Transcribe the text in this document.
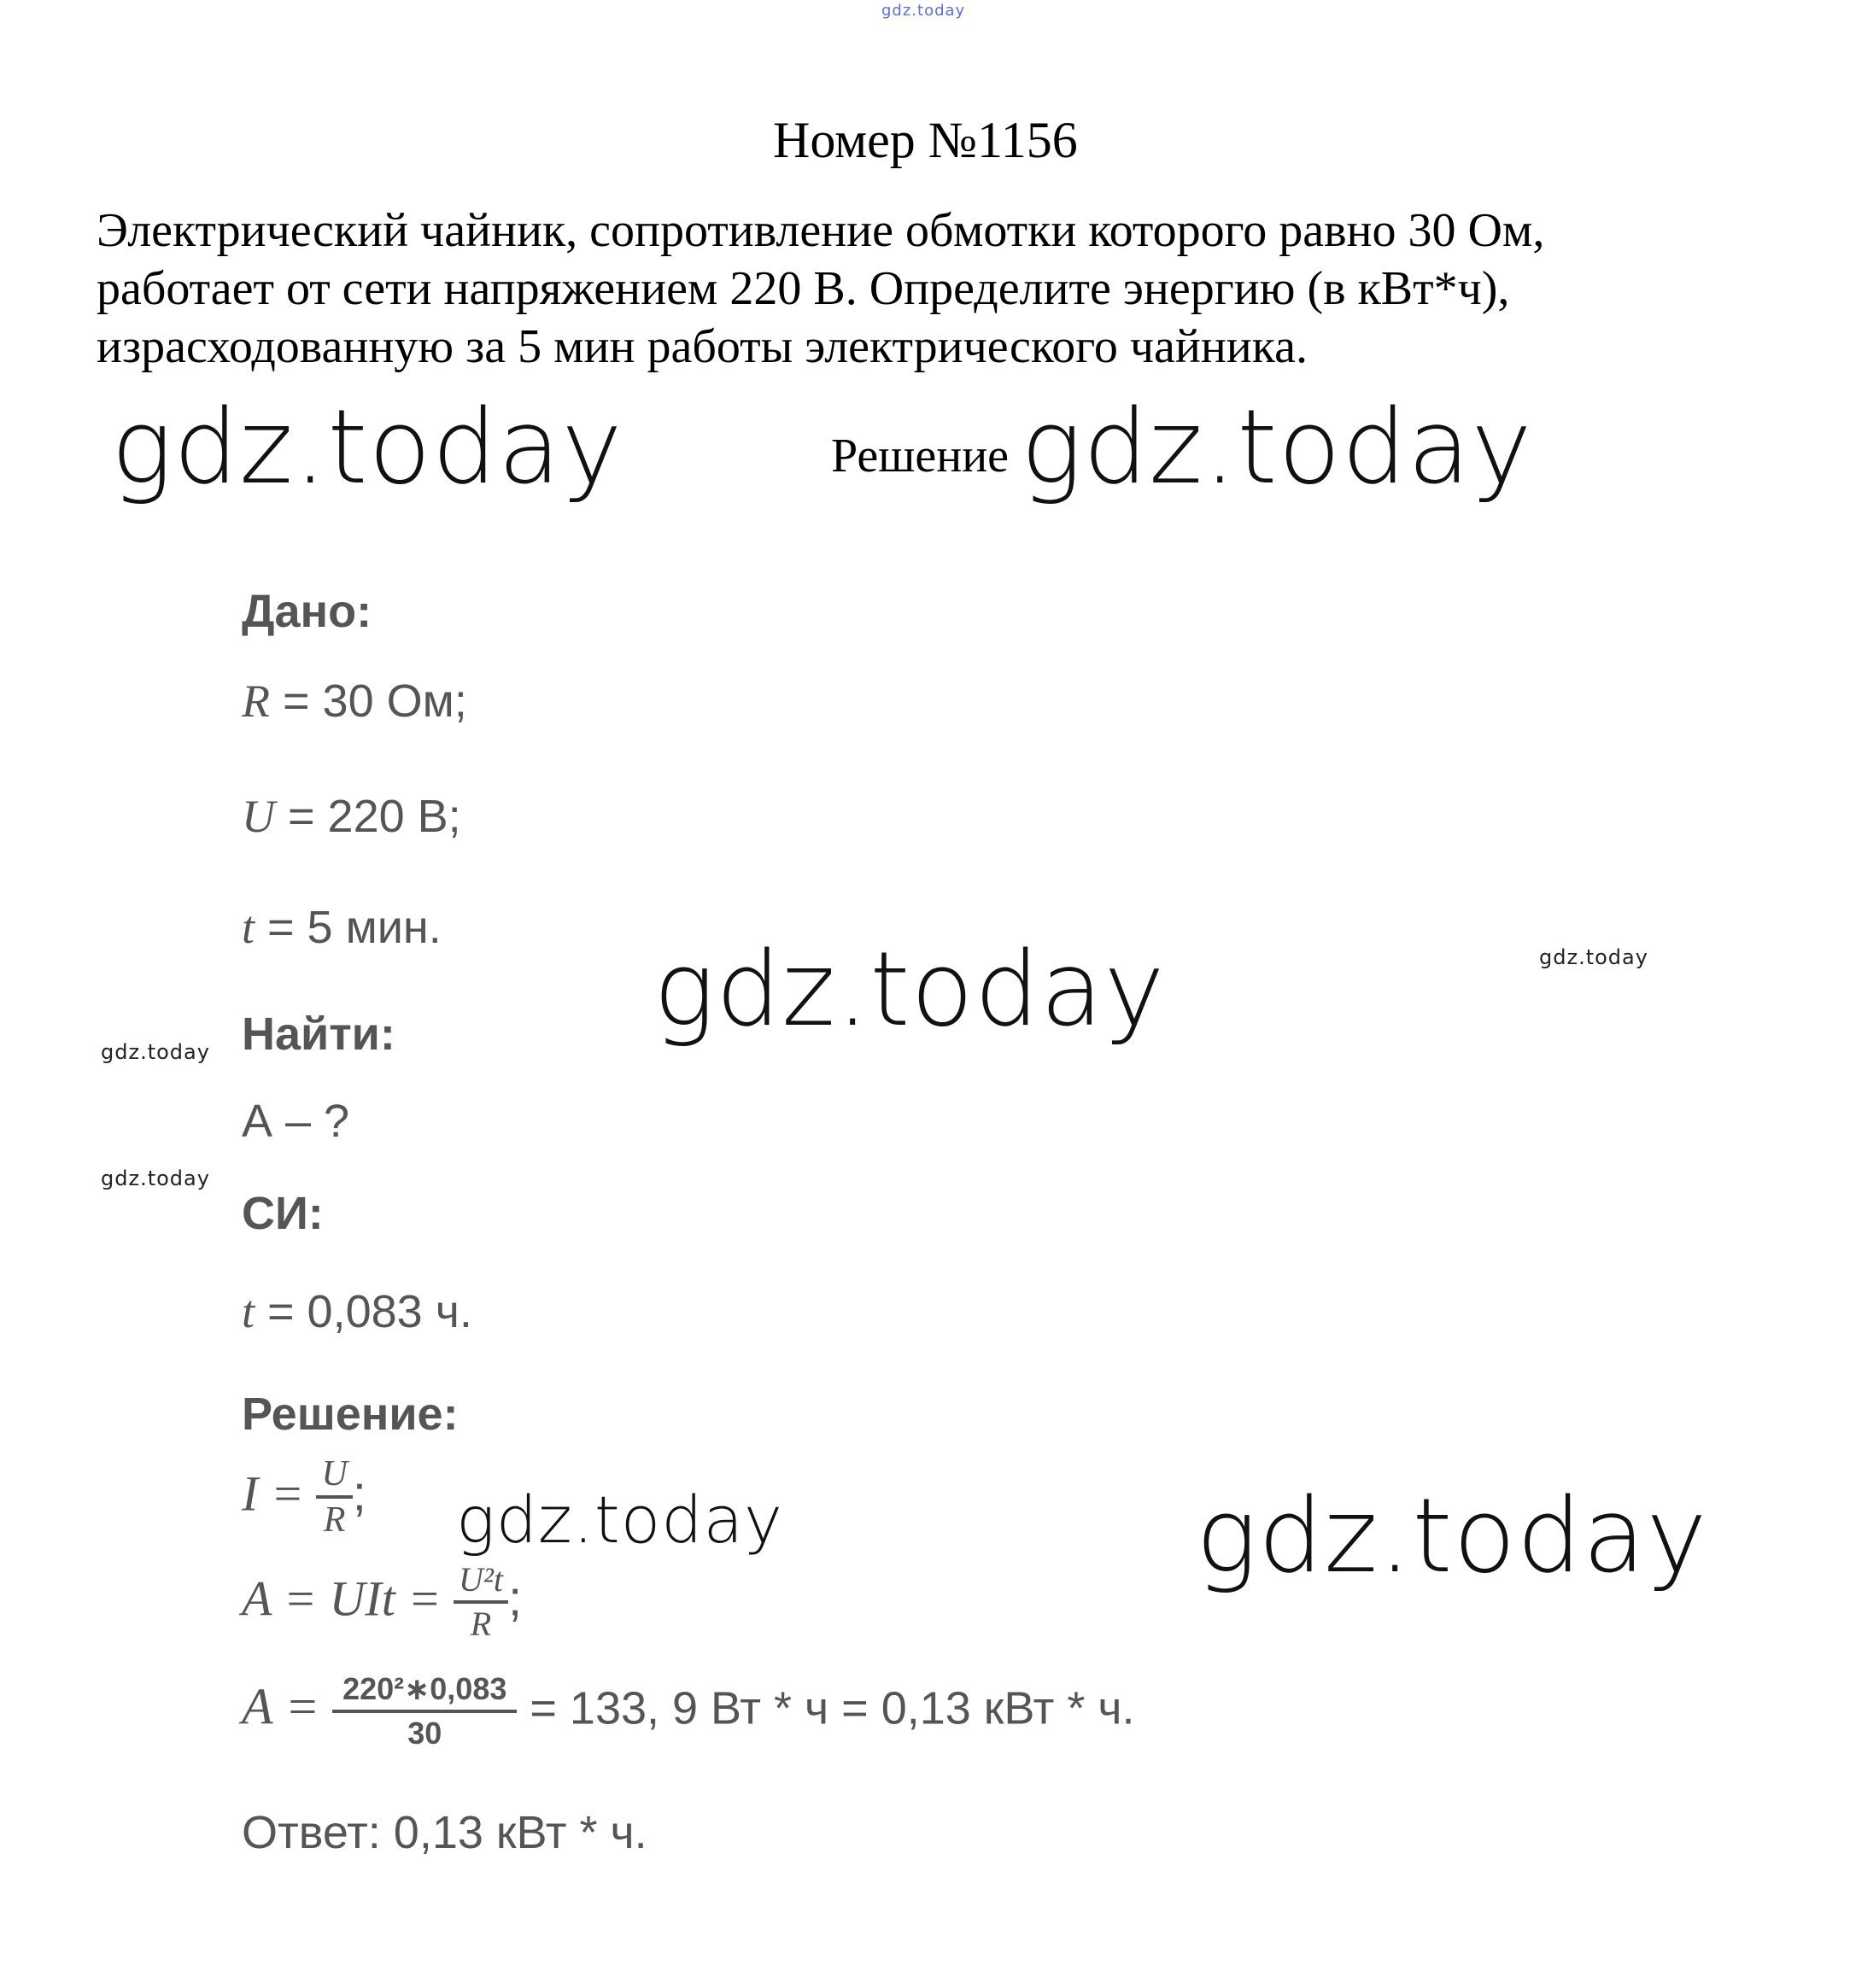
gdz.today
gdz.today	gdz.today
gdz.today	gdz.today
gdz.today
gdz.today
gdz.today	gdz.today
Номер №1156

Электрический чайник, сопротивление обмотки которого равно 30 Ом,

работает от сети напряжением 220 В. Определите энергию (в кВт*ч),

израсходованную за 5 мин работы электрического чайника.

Решение
Дано:
R = 30 Ом;
U = 220 В;
t = 5 мин.
Найти:
А – ?
СИ:
t = 0,083 ч.
Решение:
$I = \frac{U}{R}$ ;
A = UIt = $\frac{\text{U²t}}{R}$ ;
$A = \frac{\text{220²∗0,083}}{30} = 133$, 9 Вт * ч = 0,13 кВт * ч.
Ответ: 0,13 кВт * ч.
